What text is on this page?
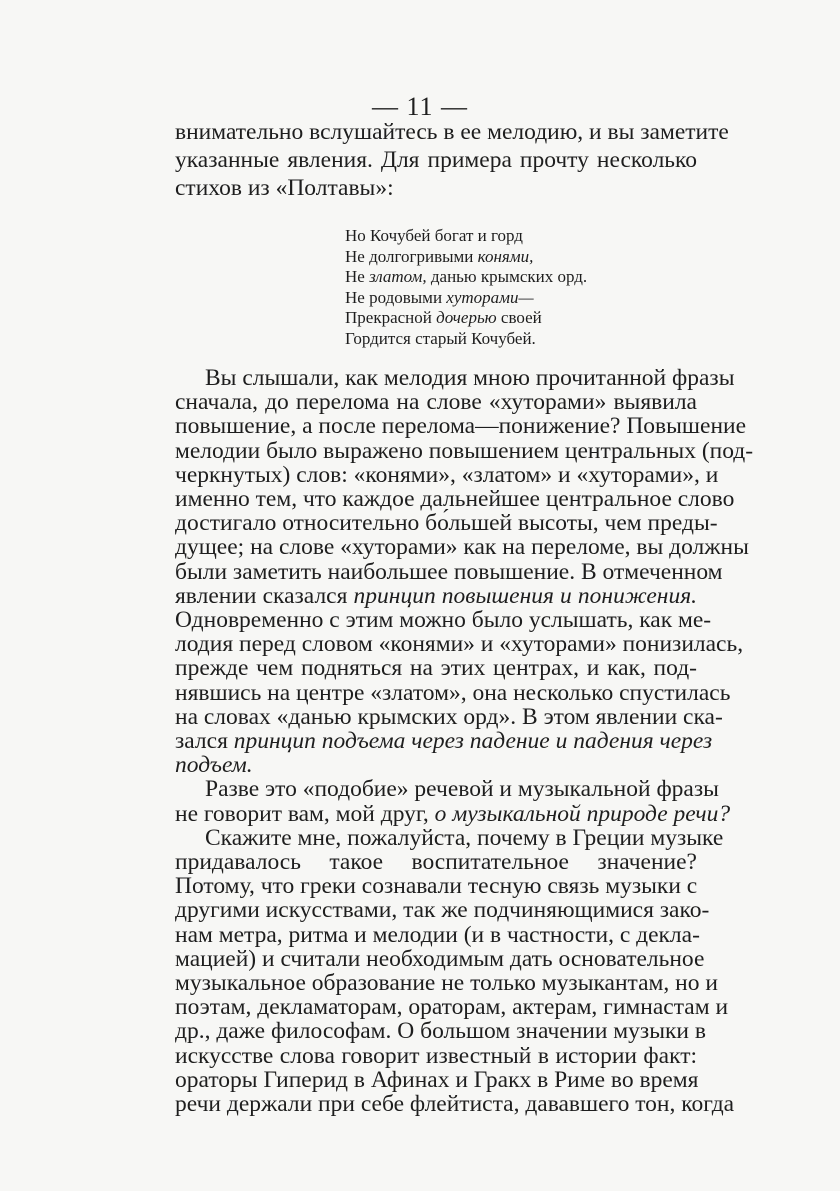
— 11 —
внимательно вслушайтесь в ее мелодию, и вы заметите
указанные явления. Для примера прочту несколько
стихов из «Полтавы»:
Но Кочубей богат и горд
Не долгогривыми конями,
Не златом, данью крымских орд.
Не родовыми хуторами—
Прекрасной дочерью своей
Гордится старый Кочубей.
Вы слышали, как мелодия мною прочитанной фразы
сначала, до перелома на слове «хуторами» выявила
повышение, а после перелома—понижение? Повышение
мелодии было выражено повышением центральных (под-
черкнутых) слов: «конями», «златом» и «хуторами», и
именно тем, что каждое дальнейшее центральное слово
достигало относительно бо́льшей высоты, чем преды-
дущее; на слове «хуторами» как на переломе, вы должны
были заметить наибольшее повышение. В отмеченном
явлении сказался принцип повышения и понижения.
Одновременно с этим можно было услышать, как ме-
лодия перед словом «конями» и «хуторами» понизилась,
прежде чем подняться на этих центрах, и как, под-
нявшись на центре «златом», она несколько спустилась
на словах «данью крымских орд». В этом явлении ска-
зался принцип подъема через падение и падения через
подъем.
Разве это «подобие» речевой и музыкальной фразы
не говорит вам, мой друг, о музыкальной природе речи?
Скажите мне, пожалуйста, почему в Греции музыке
придавалось такое воспитательное значение?
Потому, что греки сознавали тесную связь музыки с
другими искусствами, так же подчиняющимися зако-
нам метра, ритма и мелодии (и в частности, с декла-
мацией) и считали необходимым дать основательное
музыкальное образование не только музыкантам, но и
поэтам, декламаторам, ораторам, актерам, гимнастам и
др., даже философам. О большом значении музыки в
искусстве слова говорит известный в истории факт:
ораторы Гиперид в Афинах и Гракх в Риме во время
речи держали при себе флейтиста, дававшего тон, когда
